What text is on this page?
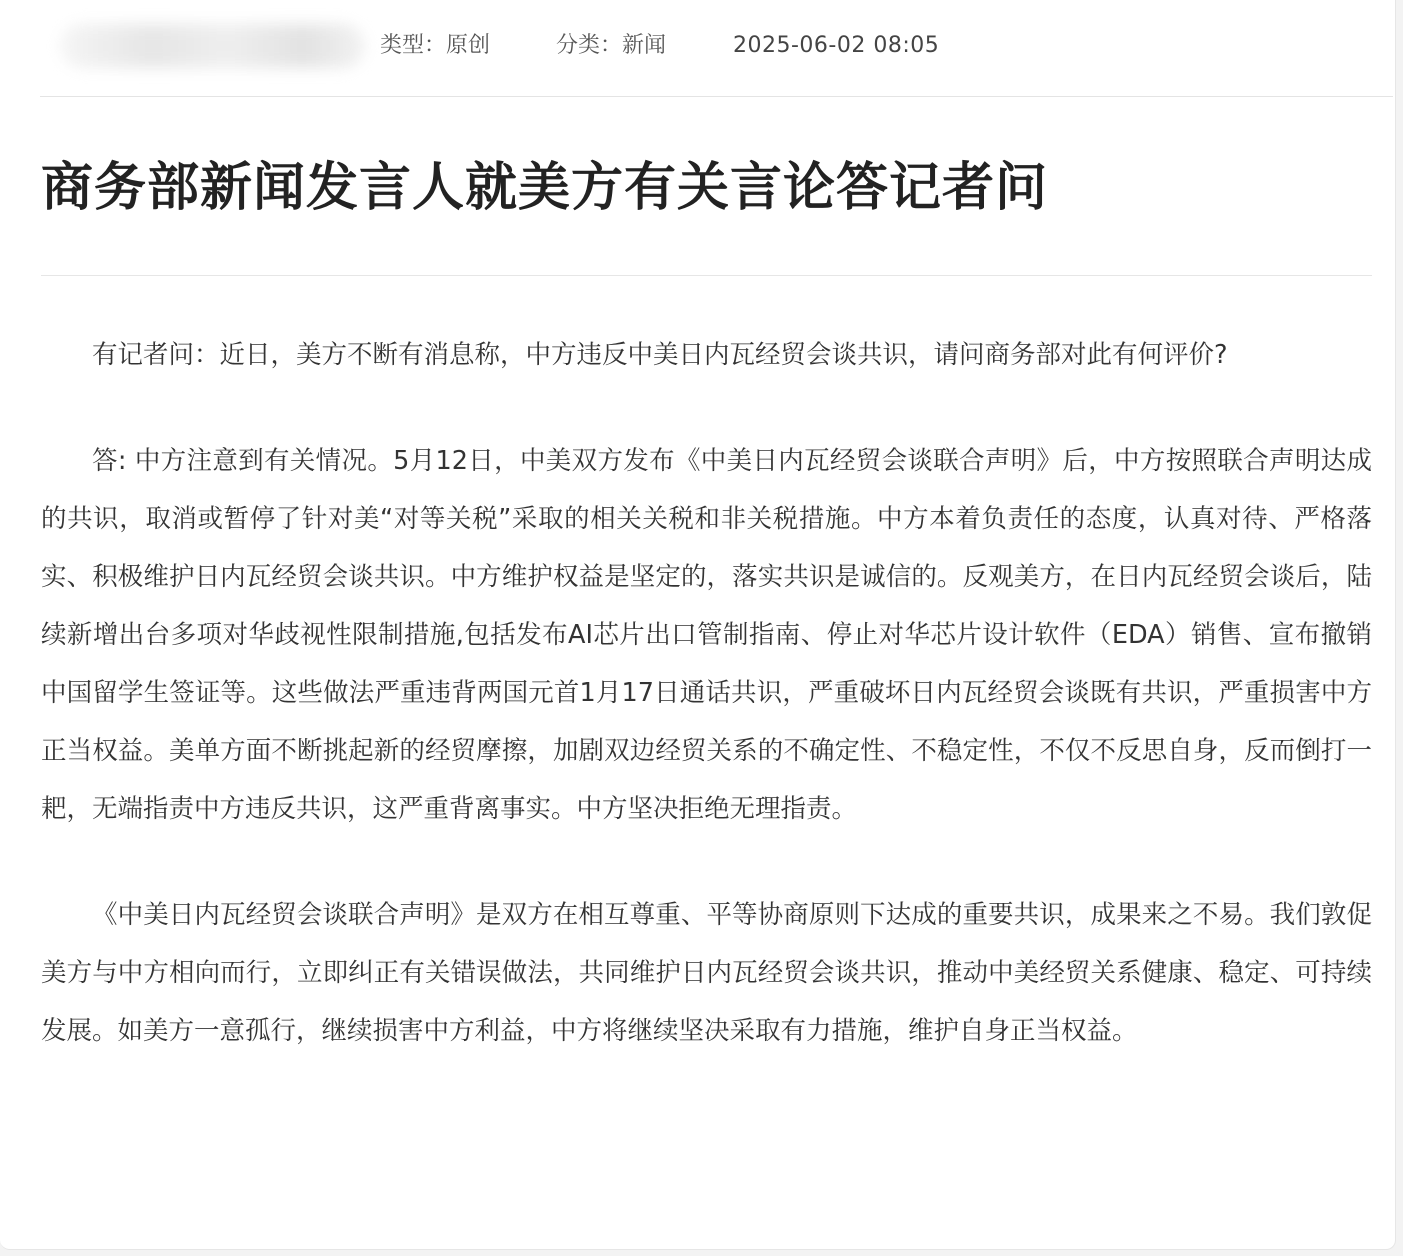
类型：原创	分类：新闻	2025-06-02 08:05
商务部新闻发言人就美方有关言论答记者问

有记者问：近日，美方不断有消息称，中方违反中美日内瓦经贸会谈共识，请问商务部对此有何评价?

答: 中方注意到有关情况。5月12日，中美双方发布《中美日内瓦经贸会谈联合声明》后，中方按照联合声明达成的共识，取消或暂停了针对美“对等关税”采取的相关关税和非关税措施。中方本着负责任的态度，认真对待、严格落实、积极维护日内瓦经贸会谈共识。中方维护权益是坚定的，落实共识是诚信的。反观美方，在日内瓦经贸会谈后，陆续新增出台多项对华歧视性限制措施,包括发布AI芯片出口管制指南、停止对华芯片设计软件（EDA）销售、宣布撤销中国留学生签证等。这些做法严重违背两国元首1月17日通话共识，严重破坏日内瓦经贸会谈既有共识，严重损害中方正当权益。美单方面不断挑起新的经贸摩擦，加剧双边经贸关系的不确定性、不稳定性，不仅不反思自身，反而倒打一耙，无端指责中方违反共识，这严重背离事实。中方坚决拒绝无理指责。

《中美日内瓦经贸会谈联合声明》是双方在相互尊重、平等协商原则下达成的重要共识，成果来之不易。我们敦促美方与中方相向而行，立即纠正有关错误做法，共同维护日内瓦经贸会谈共识，推动中美经贸关系健康、稳定、可持续发展。如美方一意孤行，继续损害中方利益，中方将继续坚决采取有力措施，维护自身正当权益。
